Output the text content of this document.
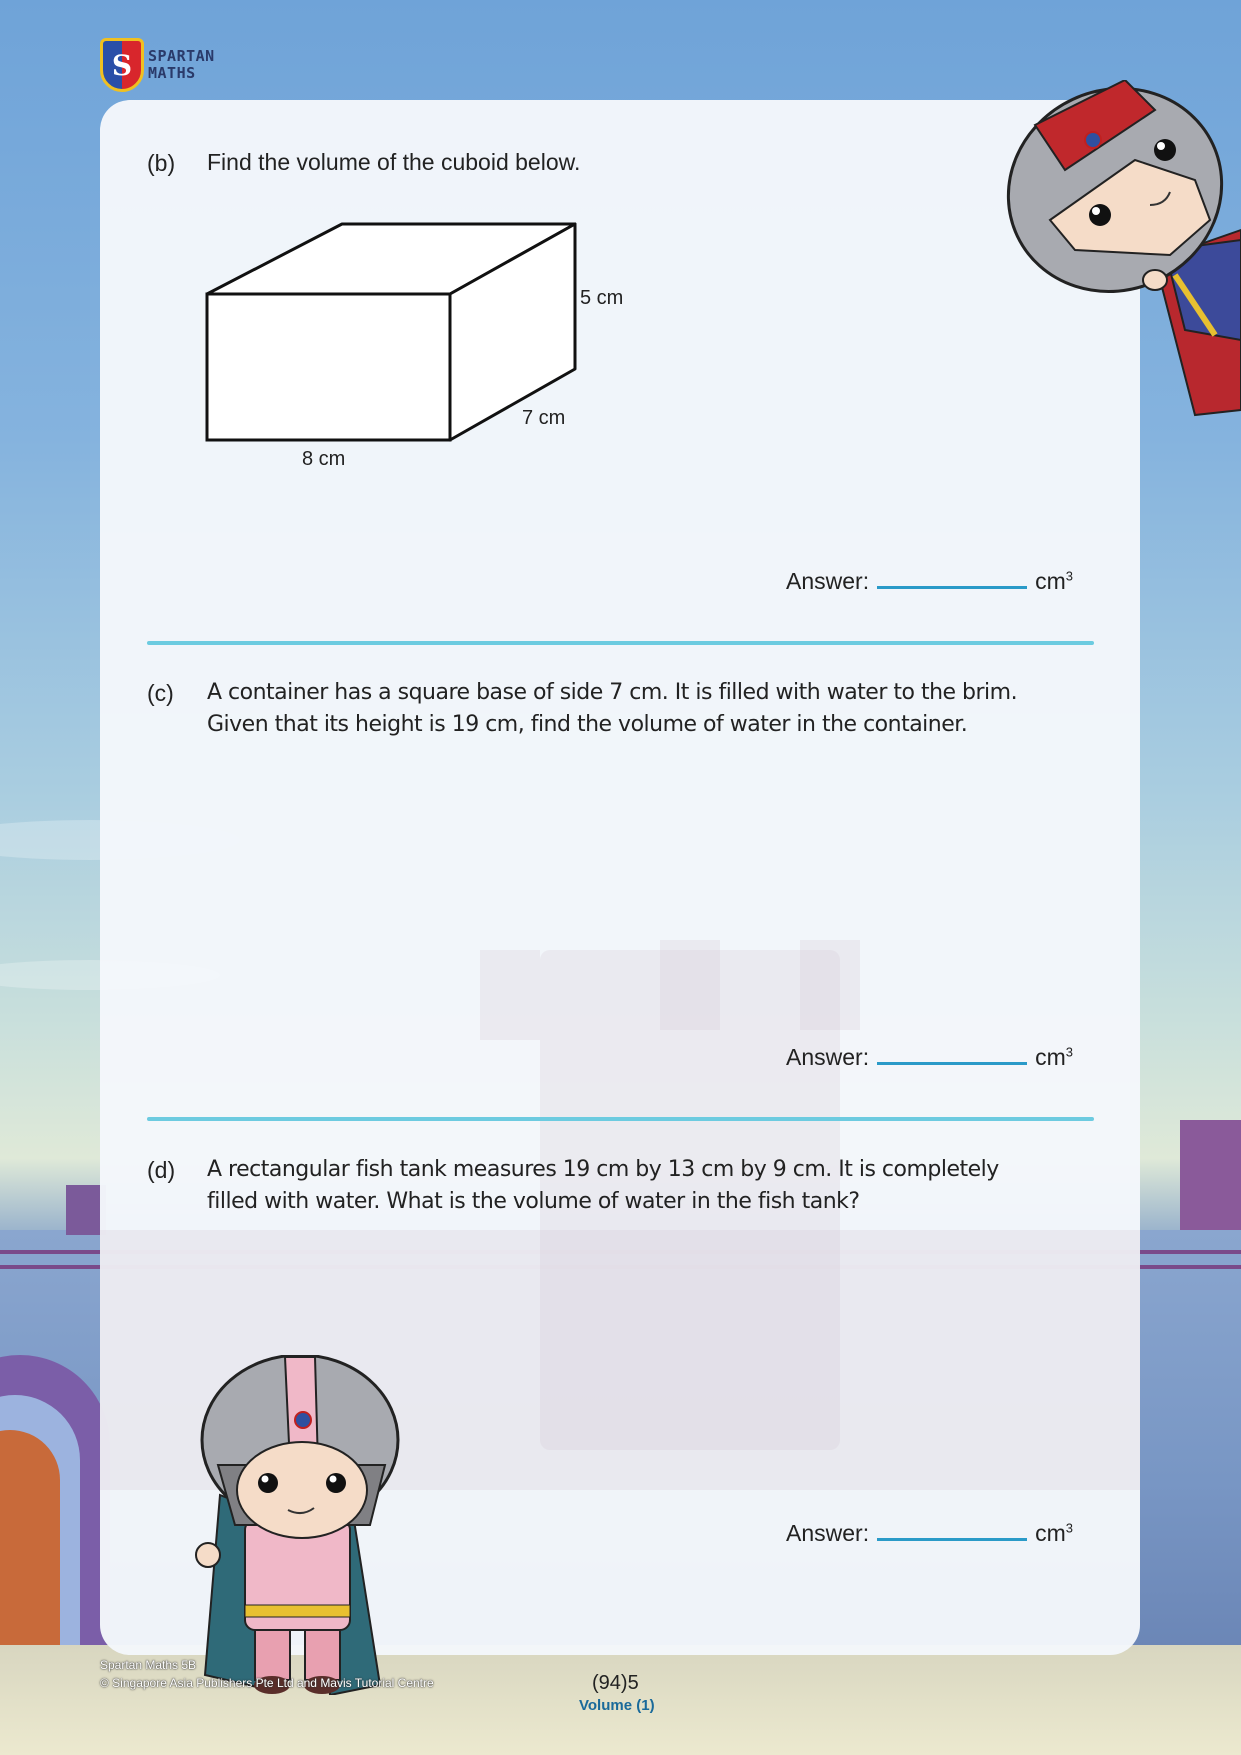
S	SPARTAN
MATHS
(b) Find the volume of the cuboid below.
5 cm
7 cm
8 cm
Answer:	$cm^3$
(c) A container has a square base of side 7 cm. It is filled with water to the brim.
Given that its height is 19 cm, find the volume of water in the container.
Answer:	$cm^3$
(d) A rectangular fish tank measures 19 cm by 13 cm by 9 cm. It is completely
filled with water. What is the volume of water in the fish tank?
Answer:	$cm^3$
Spartan Maths 5B
© Singapore Asia Publishers Pte Ltd and Mavis Tutorial Centre	(94)5
Volume (1)
